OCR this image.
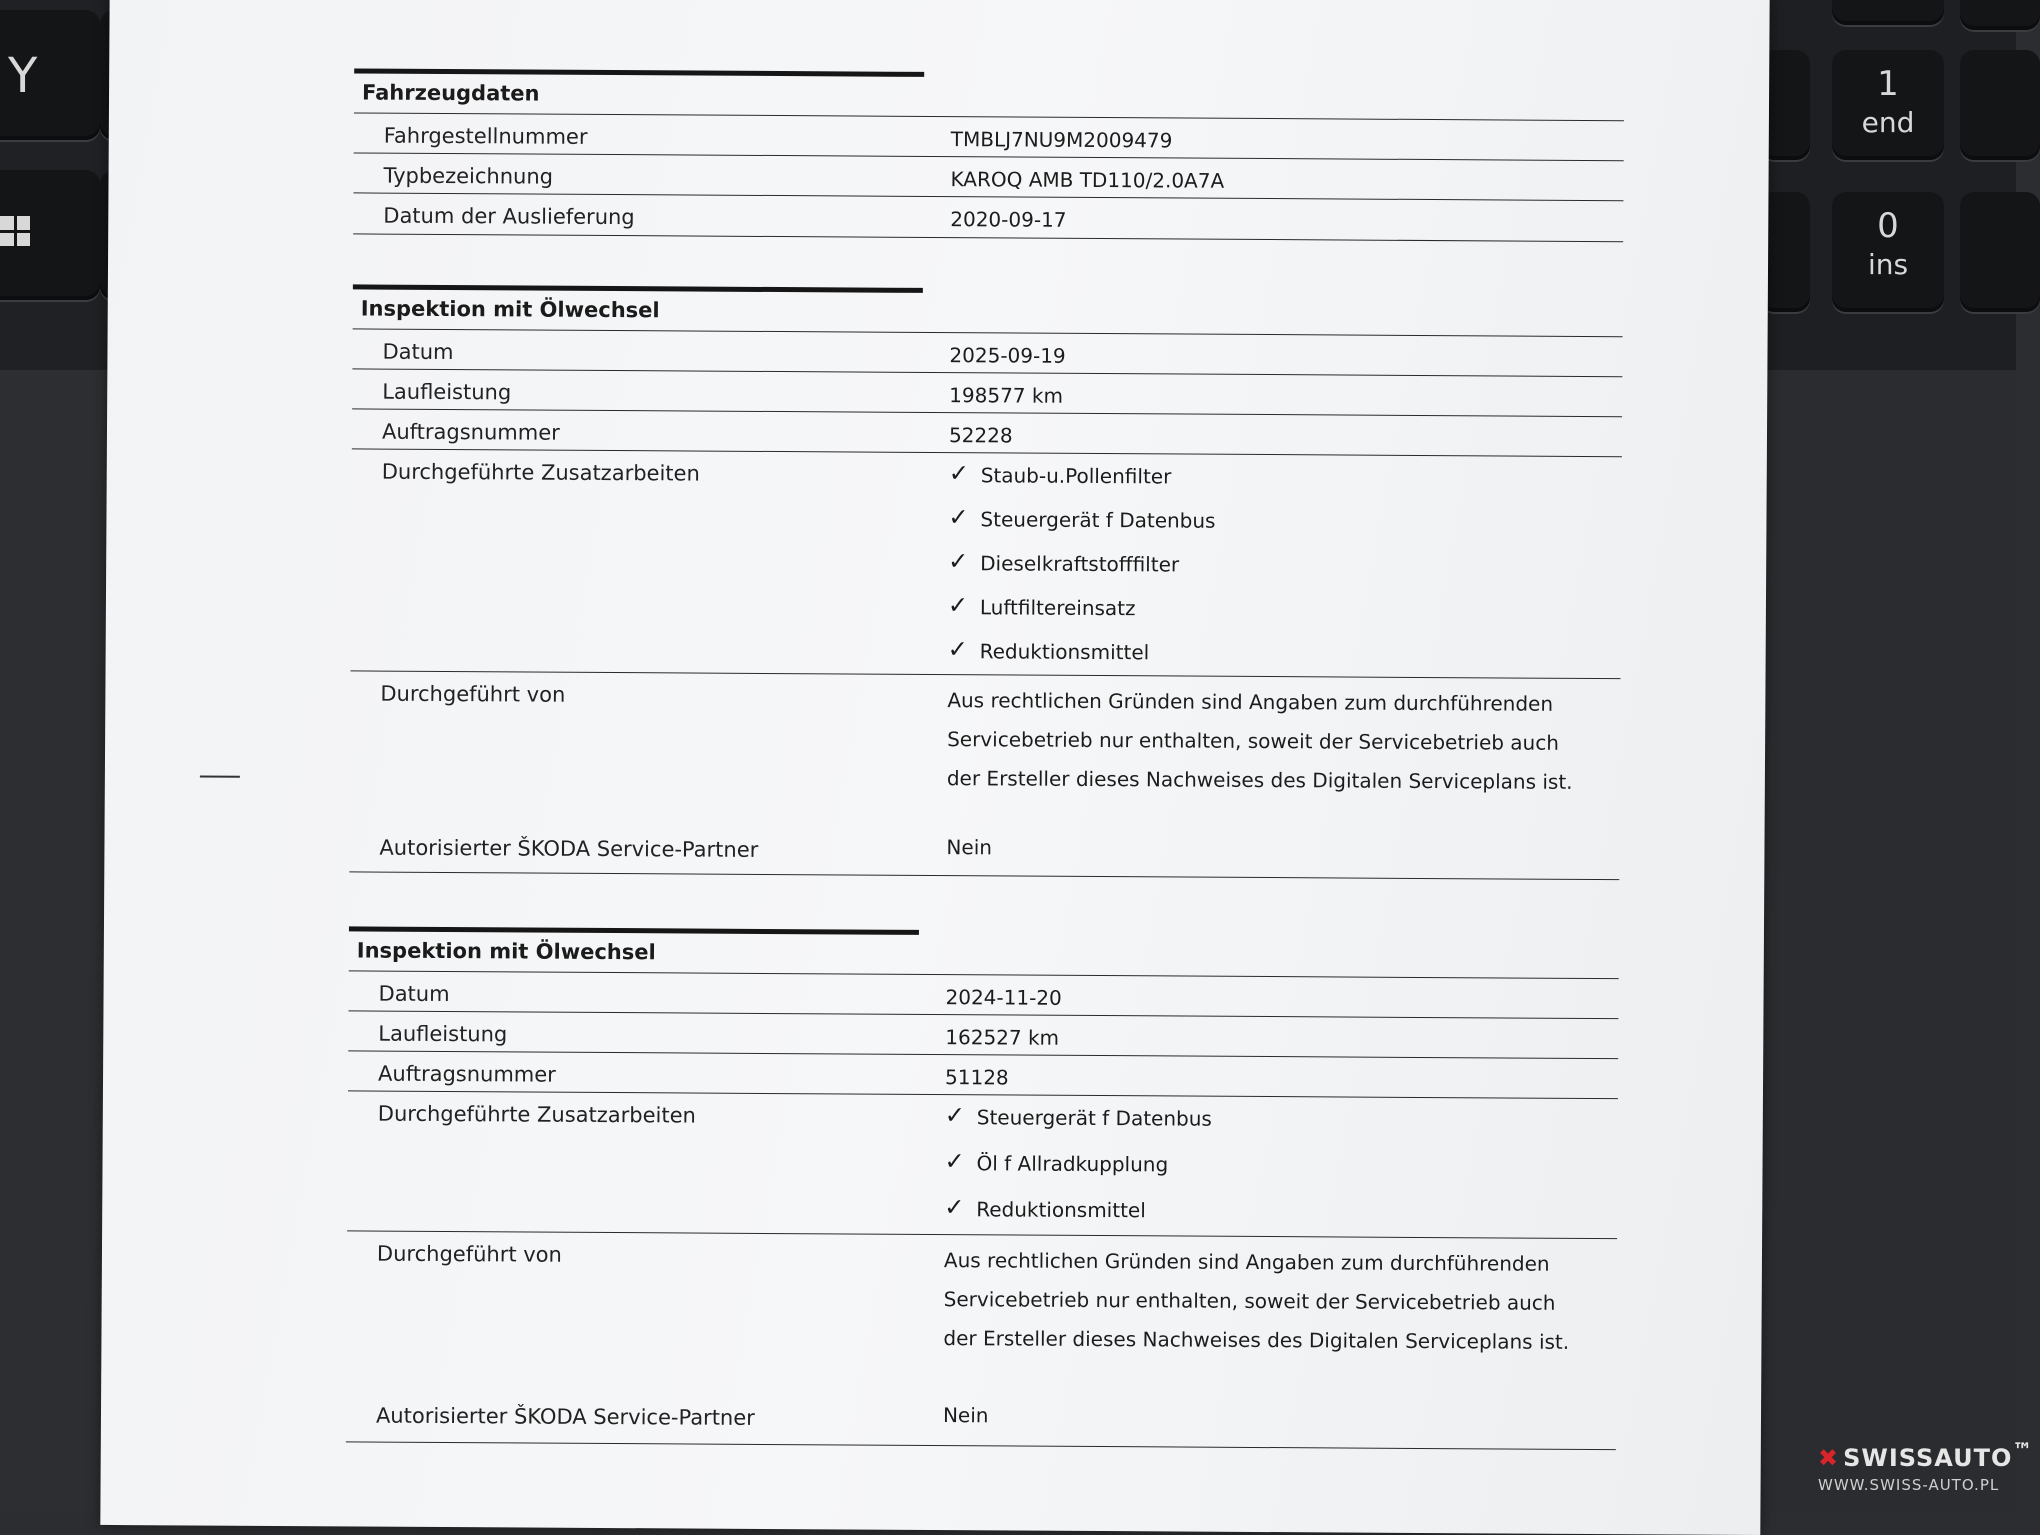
Y	1
end
0
ins
Fahrzeugdaten
Fahrgestellnummer	TMBLJ7NU9M2009479
Typbezeichnung	KAROQ AMB TD110/2.0A7A
Datum der Auslieferung	2020-09-17
Inspektion mit Ölwechsel
Datum	2025-09-19
Laufleistung	198577 km
Auftragsnummer	52228
Durchgeführte Zusatzarbeiten	✓ Staub-u.Pollenfilter
✓ Steuergerät f Datenbus
✓ Dieselkraftstofffilter
✓ Luftfiltereinsatz
✓ Reduktionsmittel
Durchgeführt von	Aus rechtlichen Gründen sind Angaben zum durchführenden Servicebetrieb nur enthalten, soweit der Servicebetrieb auch der Ersteller dieses Nachweises des Digitalen Serviceplans ist.
Autorisierter ŠKODA Service-Partner	Nein
Inspektion mit Ölwechsel
Datum	2024-11-20
Laufleistung	162527 km
Auftragsnummer	51128
Durchgeführte Zusatzarbeiten	✓ Steuergerät f Datenbus
✓ Öl f Allradkupplung
✓ Reduktionsmittel
Durchgeführt von	Aus rechtlichen Gründen sind Angaben zum durchführenden Servicebetrieb nur enthalten, soweit der Servicebetrieb auch der Ersteller dieses Nachweises des Digitalen Serviceplans ist.
Autorisierter ŠKODA Service-Partner	Nein
✖ SWISSAUTO™
WWW.SWISS-AUTO.PL
